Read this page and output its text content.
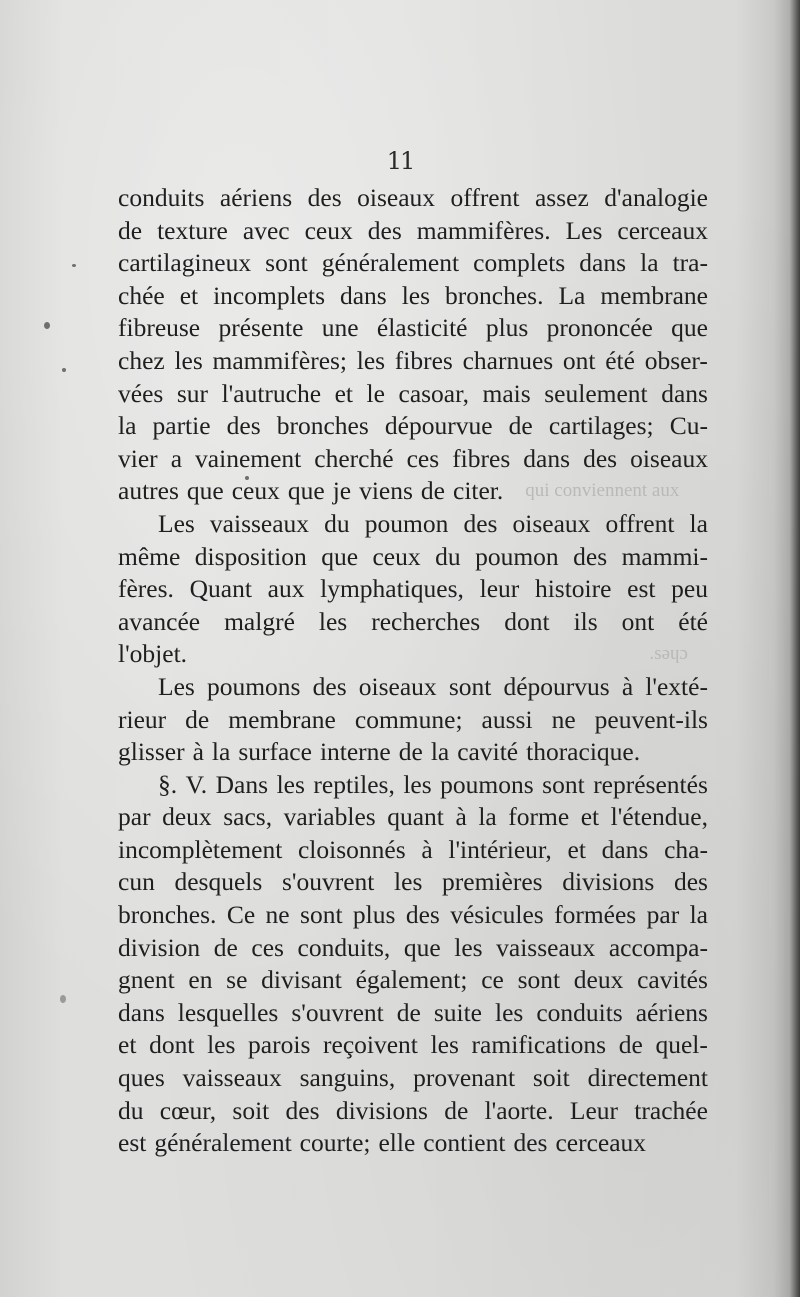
11
conduits aériens des oiseaux offrent assez d'analogie
de texture avec ceux des mammifères. Les cerceaux
cartilagineux sont généralement complets dans la tra-
chée et incomplets dans les bronches. La membrane
fibreuse présente une élasticité plus prononcée que
chez les mammifères; les fibres charnues ont été obser-
vées sur l'autruche et le casoar, mais seulement dans
la partie des bronches dépourvue de cartilages; Cu-
vier a vainement cherché ces fibres dans des oiseaux
autres que ceux que je viens de citer. qui conviennent aux
Les vaisseaux du poumon des oiseaux offrent la
même disposition que ceux du poumon des mammi-
fères. Quant aux lymphatiques, leur histoire est peu
avancée malgré les recherches dont ils ont été
l'objet.	.səɥɔ
Les poumons des oiseaux sont dépourvus à l'exté-
rieur de membrane commune; aussi ne peuvent-ils
glisser à la surface interne de la cavité thoracique.
§. V. Dans les reptiles, les poumons sont représentés
par deux sacs, variables quant à la forme et l'étendue,
incomplètement cloisonnés à l'intérieur, et dans cha-
cun desquels s'ouvrent les premières divisions des
bronches. Ce ne sont plus des vésicules formées par la
division de ces conduits, que les vaisseaux accompa-
gnent en se divisant également; ce sont deux cavités
dans lesquelles s'ouvrent de suite les conduits aériens
et dont les parois reçoivent les ramifications de quel-
ques vaisseaux sanguins, provenant soit directement
du cœur, soit des divisions de l'aorte. Leur trachée
est généralement courte; elle contient des cerceaux
